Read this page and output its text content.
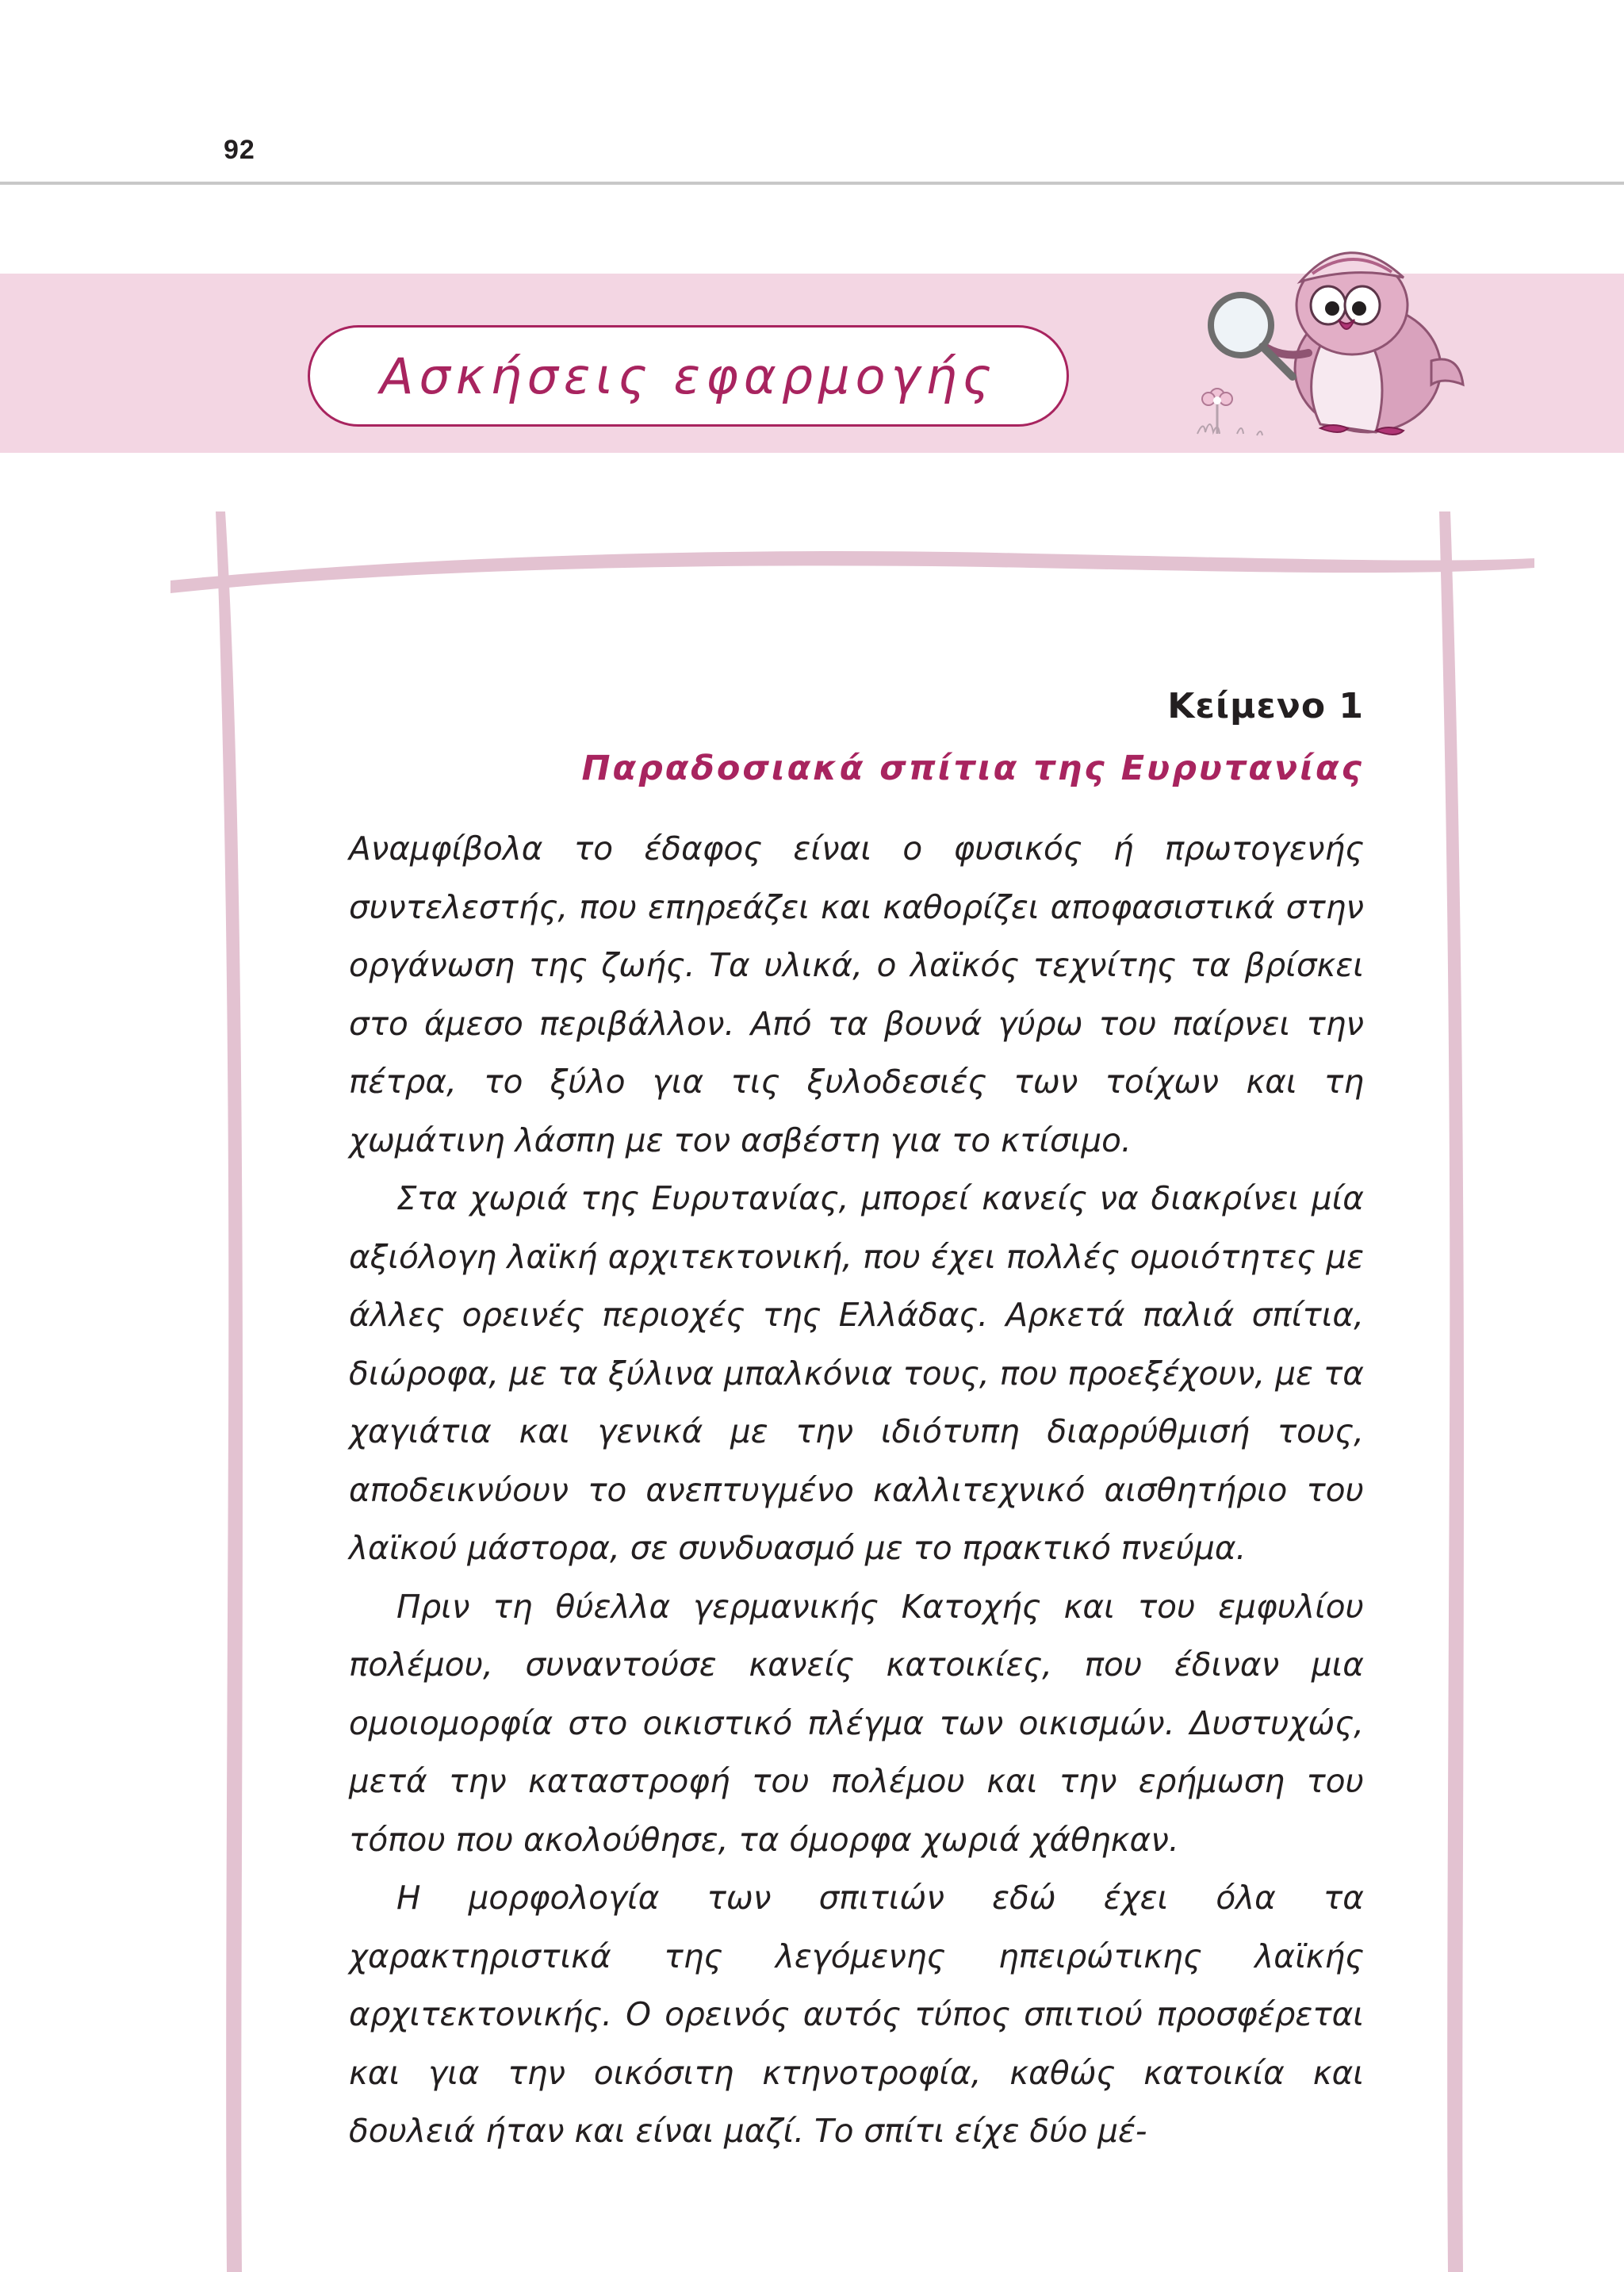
92
Ασκήσεις εφαρμογής
Κείμενο 1
Παραδοσιακά σπίτια της Ευρυτανίας

Αναμφίβολα το έδαφος είναι ο φυσικός ή πρωτογενής συντελεστής, που επηρεάζει και καθορίζει αποφασιστικά στην οργάνωση της ζωής. Τα υλικά, ο λαϊκός τεχνίτης τα βρίσκει στο άμεσο περιβάλλον. Από τα βουνά γύρω του παίρνει την πέτρα, το ξύλο για τις ξυλοδεσιές των τοίχων και τη χωμάτινη λάσπη με τον ασβέστη για το κτίσιμο.

Στα χωριά της Ευρυτανίας, μπορεί κανείς να διακρίνει μία αξιόλογη λαϊκή αρχιτεκτονική, που έχει πολλές ομοιότητες με άλλες ορεινές περιοχές της Ελλάδας. Αρκετά παλιά σπίτια, διώροφα, με τα ξύλινα μπαλκόνια τους, που προεξέχουν, με τα χαγιάτια και γενικά με την ιδιότυπη διαρρύθμισή τους, αποδεικνύουν το ανεπτυγμένο καλλιτεχνικό αισθητήριο του λαϊκού μάστορα, σε συνδυασμό με το πρακτικό πνεύμα.

Πριν τη θύελλα γερμανικής Κατοχής και του εμφυλίου πολέμου, συναντούσε κανείς κατοικίες, που έδιναν μια ομοιομορφία στο οικιστικό πλέγμα των οικισμών. Δυστυχώς, μετά την καταστροφή του πολέμου και την ερήμωση του τόπου που ακολούθησε, τα όμορφα χωριά χάθηκαν.

Η μορφολογία των σπιτιών εδώ έχει όλα τα χαρακτηριστικά της λεγόμενης ηπειρώτικης λαϊκής αρχιτεκτονικής. Ο ορεινός αυτός τύπος σπιτιού προσφέρεται και για την οικόσιτη κτηνοτροφία, καθώς κατοικία και δουλειά ήταν και είναι μαζί. Το σπίτι είχε δύο μέ-
